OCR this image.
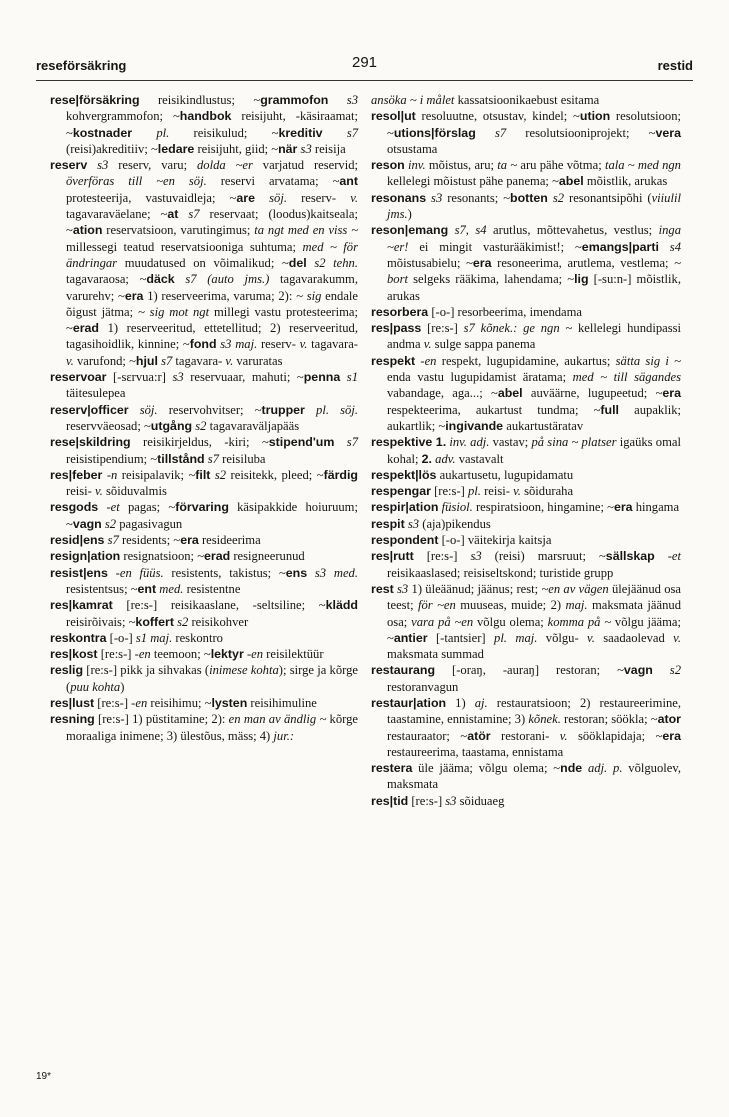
reseförsäkring	291	restid

rese|försäkring reisikindlustus; ~grammofon s3 kohvergrammofon; ~handbok reisijuht, -käsiraamat; ~kostnader pl. reisikulud; ~kreditiv s7 (reisi)akreditiiv; ~ledare reisijuht, giid; ~när s3 reisija

reserv s3 reserv, varu; dolda ~er varjatud reservid; överföras till ~en söj. reservi arvatama; ~ant protesteerija, vastuvaidleja; ~are söj. reserv- v. tagavaraväelane; ~at s7 reservaat; (loodus)kaitseala; ~ation reservatsioon, varutingimus; ta ngt med en viss ~ millessegi teatud reservatsiooniga suhtuma; med ~ för ändringar muudatused on võimalikud; ~del s2 tehn. tagavaraosa; ~däck s7 (auto jms.) tagavarakumm, varurehv; ~era 1) reserveerima, varuma; 2): ~ sig endale õigust jätma; ~ sig mot ngt millegi vastu protesteerima; ~erad 1) reserveeritud, ettetellitud; 2) reserveeritud, tagasihoidlik, kinnine; ~fond s3 maj. reserv- v. tagavara- v. varufond; ~hjul s7 tagavara- v. varuratas

reservoar [-sɛrvua:r] s3 reservuaar, mahuti; ~penna s1 täitesulepea

reserv|officer söj. reservohvitser; ~trupper pl. söj. reservväeosad; ~utgång s2 tagavaraväljapääs

rese|skildring reisikirjeldus, -kiri; ~stipend'um s7 reisistipendium; ~tillstånd s7 reisiluba

res|feber -n reisipalavik; ~filt s2 reisitekk, pleed; ~färdig reisi- v. sõiduvalmis

resgods -et pagas; ~förvaring käsipakkide hoiuruum; ~vagn s2 pagasivagun

resid|ens s7 residents; ~era resideerima

resign|ation resignatsioon; ~erad resigneerunud

resist|ens -en füüs. resistents, takistus; ~ens s3 med. resistentsus; ~ent med. resistentne

res|kamrat [re:s-] reisikaaslane, -seltsiline; ~klädd reisirõivais; ~koffert s2 reisikohver

reskontra [-o-] s1 maj. reskontro

res|kost [re:s-] -en teemoon; ~lektyr -en reisilektüür

reslig [re:s-] pikk ja sihvakas (inimese kohta); sirge ja kõrge (puu kohta)

res|lust [re:s-] -en reisihimu; ~lysten reisihimuline

resning [re:s-] 1) püstitamine; 2): en man av ändlig ~ kõrge moraaliga inimene; 3) ülestõus, mäss; 4) jur.:

ansöka ~ i målet kassatsioonikaebust esitama

resol|ut resoluutne, otsustav, kindel; ~ution resolutsioon; ~utions|förslag s7 resolutsiooniprojekt; ~vera otsustama

reson inv. mõistus, aru; ta ~ aru pähe võtma; tala ~ med ngn kellelegi mõistust pähe panema; ~abel mõistlik, arukas

resonans s3 resonants; ~botten s2 resonantsipõhi (viiulil jms.)

reson|emang s7, s4 arutlus, mõttevahetus, vestlus; inga ~er! ei mingit vasturääkimist!; ~emangs|parti s4 mõistusabielu; ~era resoneerima, arutlema, vestlema; ~ bort selgeks rääkima, lahendama; ~lig [-su:n-] mõistlik, arukas

resorbera [-o-] resorbeerima, imendama

res|pass [re:s-] s7 kõnek.: ge ngn ~ kellelegi hundipassi andma v. sulge sappa panema

respekt -en respekt, lugupidamine, aukartus; sätta sig i ~ enda vastu lugupidamist äratama; med ~ till sägandes vabandage, aga...; ~abel auväärne, lugupeetud; ~era respekteerima, aukartust tundma; ~full aupaklik; aukartlik; ~ingivande aukartustäratav

respektive 1. inv. adj. vastav; på sina ~ platser igaüks omal kohal; 2. adv. vastavalt

respekt|lös aukartusetu, lugupidamatu

respengar [re:s-] pl. reisi- v. sõiduraha

respir|ation füsiol. respiratsioon, hingamine; ~era hingama

respit s3 (aja)pikendus

respondent [-o-] väitekirja kaitsja

res|rutt [re:s-] s3 (reisi) marsruut; ~sällskap -et reisikaaslased; reisiseltskond; turistide grupp

rest s3 1) üleäänud; jäänus; rest; ~en av vägen ülejäänud osa teest; för ~en muuseas, muide; 2) maj. maksmata jäänud osa; vara på ~en võlgu olema; komma på ~ võlgu jääma; ~antier [-tantsier] pl. maj. võlgu- v. saadaolevad v. maksmata summad

restaurang [-oraŋ, -auraŋ] restoran; ~vagn s2 restoranvagun

restaur|ation 1) aj. restauratsioon; 2) restaureerimine, taastamine, ennistamine; 3) kõnek. restoran; söökla; ~ator restauraator; ~atör restorani- v. sööklapidaja; ~era restaureerima, taastama, ennistama

restera üle jääma; võlgu olema; ~nde adj. p. võlguolev, maksmata

res|tid [re:s-] s3 sõiduaeg

19*
